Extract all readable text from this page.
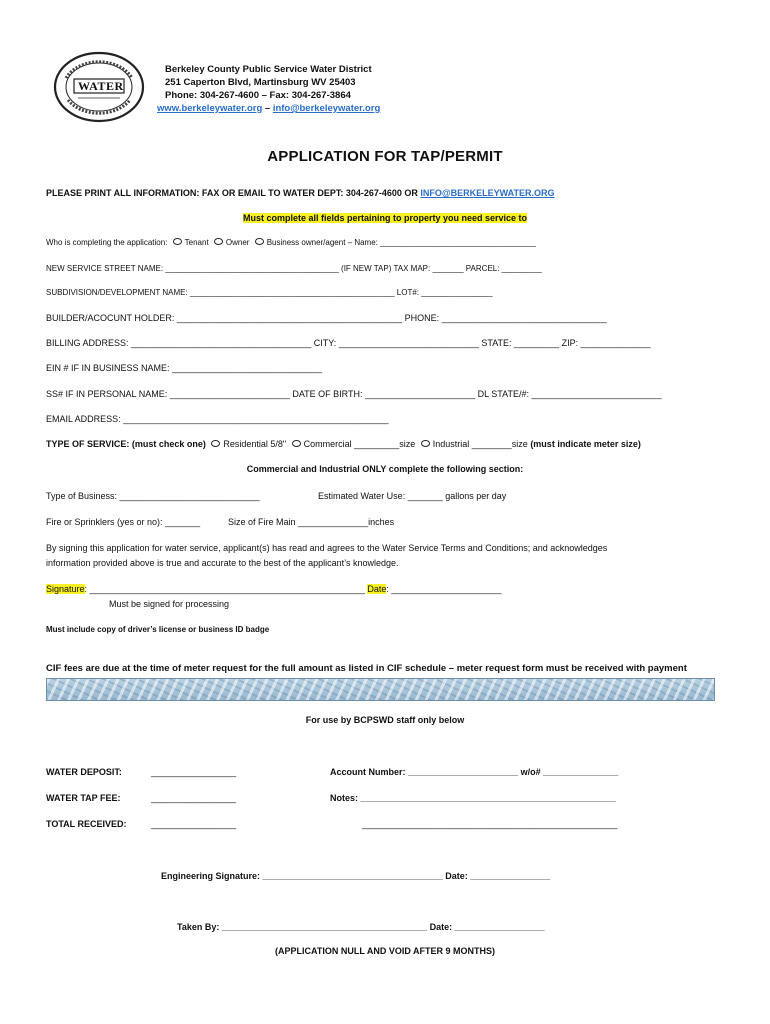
WATER
Berkeley County Public Service Water District
251 Caperton Blvd, Martinsburg WV 25403
Phone: 304-267-4600 – Fax: 304-267-3864
www.berkeleywater.org – info@berkeleywater.org
APPLICATION FOR TAP/PERMIT
PLEASE PRINT ALL INFORMATION: FAX OR EMAIL TO WATER DEPT: 304-267-4600 OR INFO@BERKELEYWATER.ORG
Must complete all fields pertaining to property you need service to
Who is completing the application: Tenant Owner Business owner/agent – Name: ___________________________________
NEW SERVICE STREET NAME: _______________________________________ (IF NEW TAP) TAX MAP: _______ PARCEL: _________
SUBDIVISION/DEVELOPMENT NAME: ______________________________________________ LOT#: ________________
BUILDER/ACOCUNT HOLDER: _____________________________________________ PHONE: _________________________________
BILLING ADDRESS: ____________________________________ CITY: ____________________________ STATE: _________ ZIP: ______________
EIN # IF IN BUSINESS NAME: ______________________________
SS# IF IN PERSONAL NAME: ________________________ DATE OF BIRTH: ______________________ DL STATE/#: __________________________
EMAIL ADDRESS: _____________________________________________________
TYPE OF SERVICE: (must check one) Residential 5/8" Commercial _________size Industrial ________size (must indicate meter size)
Commercial and Industrial ONLY complete the following section:
Type of Business: ____________________________	Estimated Water Use: _______ gallons per day
Fire or Sprinklers (yes or no): _______	Size of Fire Main ______________inches
By signing this application for water service, applicant(s) has read and agrees to the Water Service Terms and Conditions; and acknowledges
information provided above is true and accurate to the best of the applicant’s knowledge.
Signature: _______________________________________________________ Date: ______________________
Must be signed for processing
Must include copy of driver’s license or business ID badge
CIF fees are due at the time of meter request for the full amount as listed in CIF schedule – meter request form must be received with payment
For use by BCPSWD staff only below
WATER DEPOSIT:	_________________	Account Number: ______________________ w/o# _______________
WATER TAP FEE:	_________________	Notes: ___________________________________________________
TOTAL RECEIVED:	_________________	___________________________________________________
Engineering Signature: ____________________________________ Date: ________________
Taken By: _________________________________________ Date: __________________
(APPLICATION NULL AND VOID AFTER 9 MONTHS)
